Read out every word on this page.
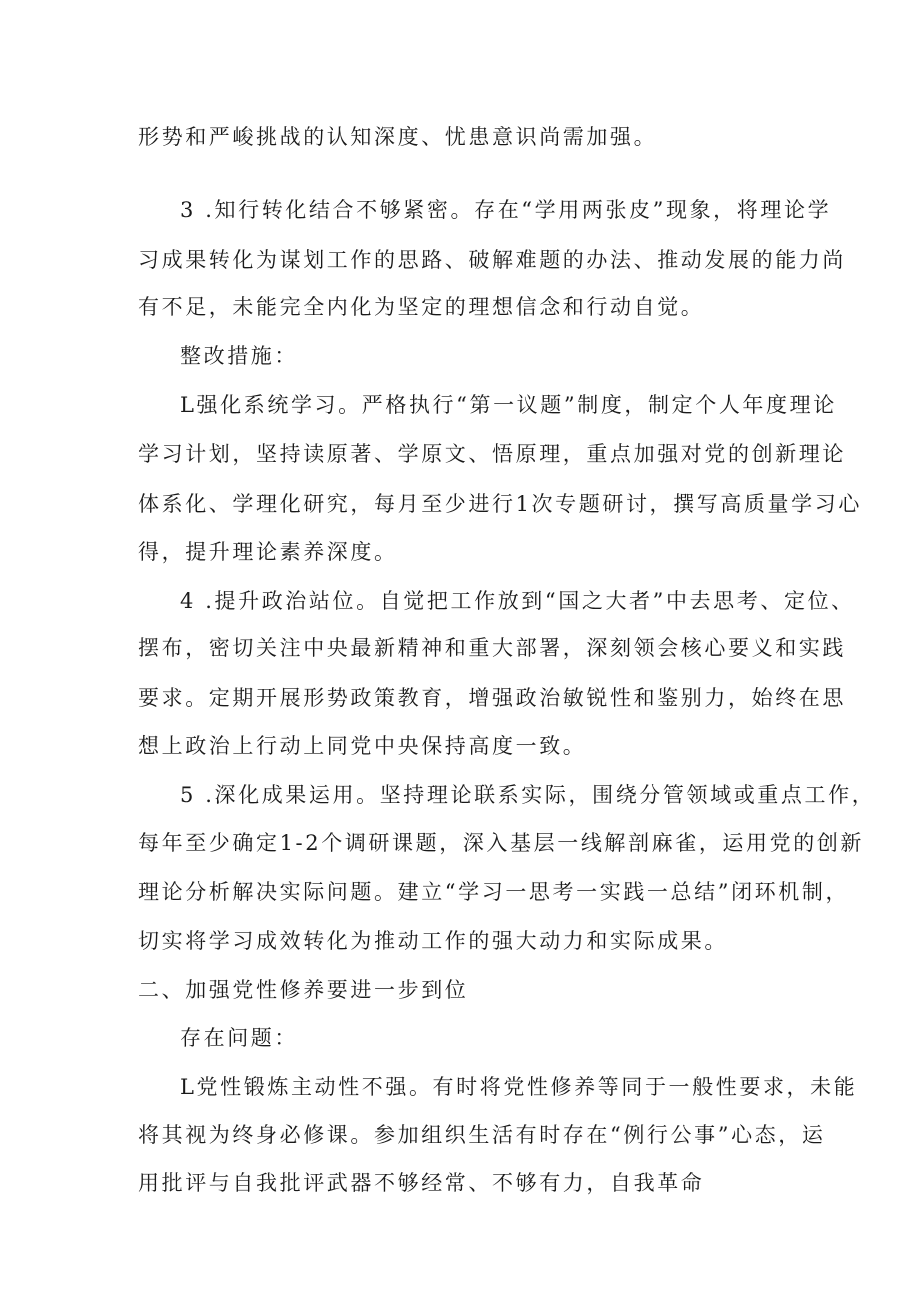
形势和严峻挑战的认知深度、忧患意识尚需加强。
3 .知行转化结合不够紧密。存在“学用两张皮”现象，将理论学
习成果转化为谋划工作的思路、破解难题的办法、推动发展的能力尚
有不足，未能完全内化为坚定的理想信念和行动自觉。
整改措施：
L强化系统学习。严格执行“第一议题”制度，制定个人年度理论
学习计划，坚持读原著、学原文、悟原理，重点加强对党的创新理论
体系化、学理化研究，每月至少进行1次专题研讨，撰写高质量学习心
得，提升理论素养深度。
4 .提升政治站位。自觉把工作放到“国之大者”中去思考、定位、
摆布，密切关注中央最新精神和重大部署，深刻领会核心要义和实践
要求。定期开展形势政策教育，增强政治敏锐性和鉴别力，始终在思
想上政治上行动上同党中央保持高度一致。
5 .深化成果运用。坚持理论联系实际，围绕分管领域或重点工作，
每年至少确定1-2个调研课题，深入基层一线解剖麻雀，运用党的创新
理论分析解决实际问题。建立“学习一思考一实践一总结”闭环机制，
切实将学习成效转化为推动工作的强大动力和实际成果。
二、加强党性修养要进一步到位
存在问题：
L党性锻炼主动性不强。有时将党性修养等同于一般性要求，未能
将其视为终身必修课。参加组织生活有时存在“例行公事”心态，运
用批评与自我批评武器不够经常、不够有力，自我革命
